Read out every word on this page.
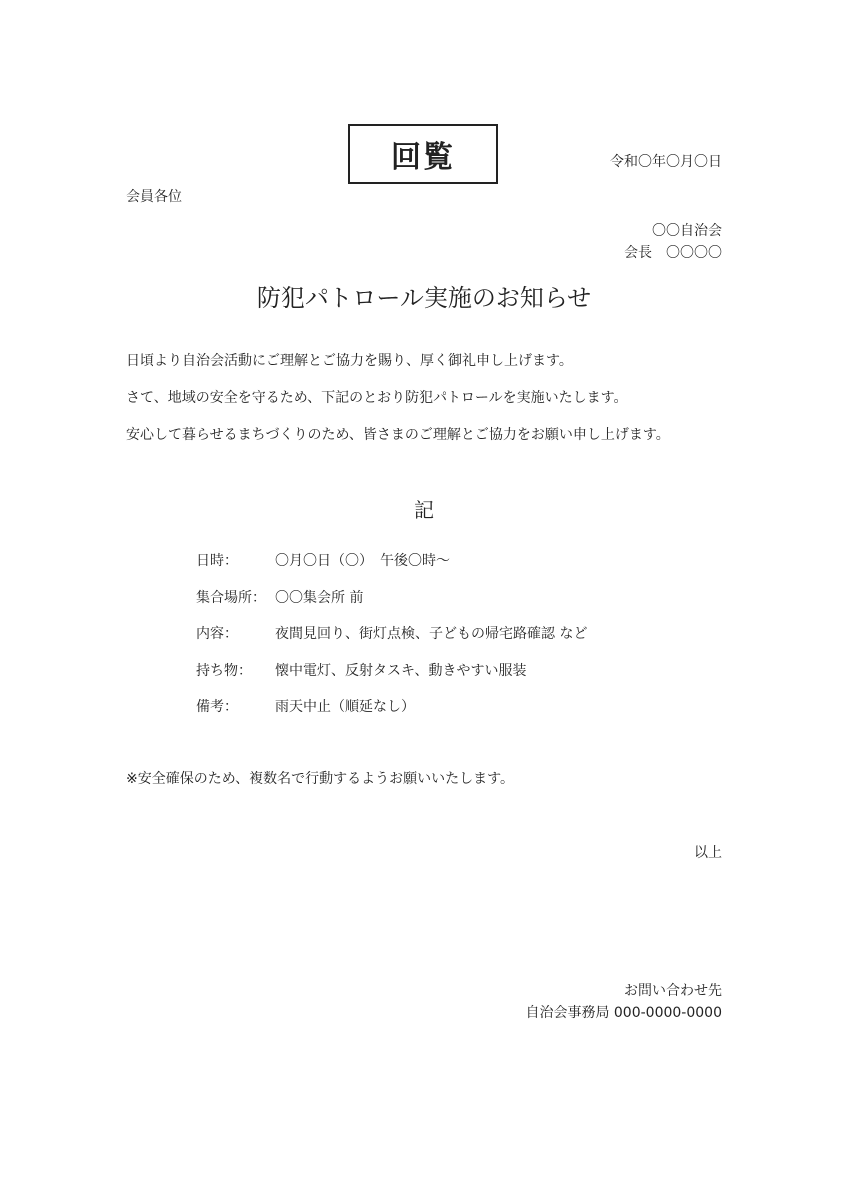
回覧	令和〇年〇月〇日
会員各位
〇〇自治会
会長　〇〇〇〇
防犯パトロール実施のお知らせ
日頃より自治会活動にご理解とご協力を賜り、厚く御礼申し上げます。
さて、地域の安全を守るため、下記のとおり防犯パトロールを実施いたします。
安心して暮らせるまちづくりのため、皆さまのご理解とご協力をお願い申し上げます。
記
日時：	〇月〇日（〇）　午後〇時～
集合場所： 〇〇集会所 前
内容：	夜間見回り、街灯点検、子どもの帰宅路確認 など
持ち物： 懐中電灯、反射タスキ、動きやすい服装
備考：	雨天中止（順延なし）
※安全確保のため、複数名で行動するようお願いいたします。
以上
お問い合わせ先
自治会事務局 000-0000-0000
